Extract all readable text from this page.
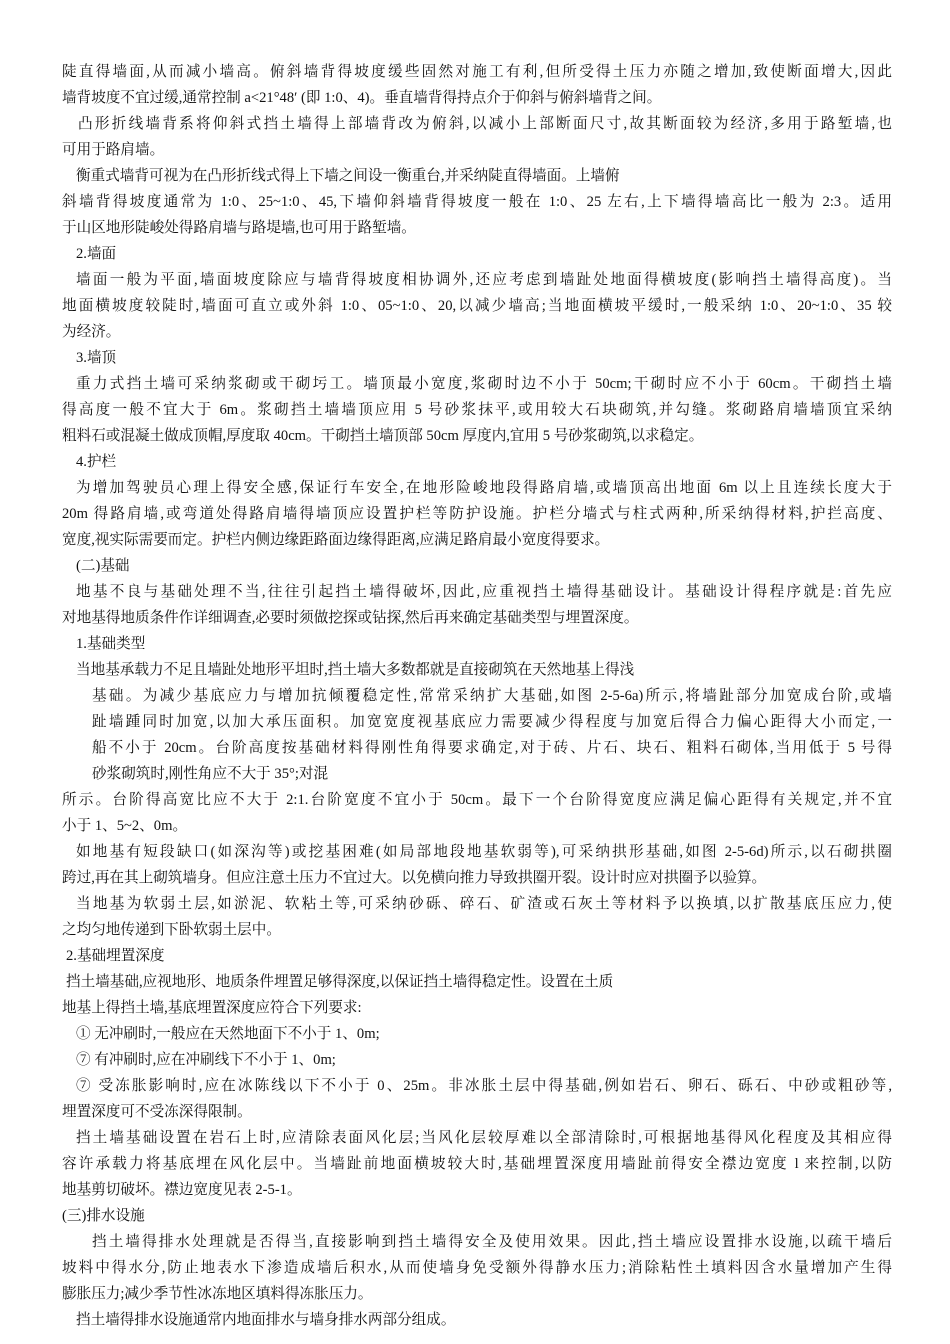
陡直得墙面,从而减小墙高。俯斜墙背得坡度缓些固然对施工有利,但所受得土压力亦随之增加,致使断面增大,因此
墙背坡度不宜过缓,通常控制 a<21°48′ (即 1:0、4)。垂直墙背得持点介于仰斜与俯斜墙背之间。
凸形折线墙背系将仰斜式挡土墙得上部墙背改为俯斜,以减小上部断面尺寸,故其断面较为经济,多用于路堑墙,也
可用于路肩墙。
衡重式墙背可视为在凸形折线式得上下墙之间设一衡重台,并采纳陡直得墙面。上墙俯
斜墙背得坡度通常为 1:0、25~1:0、45,下墙仰斜墙背得坡度一般在 1:0、25 左右,上下墙得墙高比一般为 2:3。适用
于山区地形陡峻处得路肩墙与路堤墙,也可用于路堑墙。
2.墙面
墙面一般为平面,墙面坡度除应与墙背得坡度相协调外,还应考虑到墙趾处地面得横坡度(影响挡土墙得高度)。当
地面横坡度较陡时,墙面可直立或外斜 1:0、05~1:0、20,以减少墙高;当地面横坡平缓时,一般采纳 1:0、20~1:0、35 较
为经济。
3.墙顶
重力式挡土墙可采纳浆砌或干砌圬工。墙顶最小宽度,浆砌时边不小于 50cm;干砌时应不小于 60cm。干砌挡土墙
得高度一般不宜大于 6m。浆砌挡土墙墙顶应用 5 号砂浆抹平,或用较大石块砌筑,并勾缝。浆砌路肩墙墙顶宜采纳
粗料石或混凝土做成顶帽,厚度取 40cm。干砌挡土墙顶部 50cm 厚度内,宜用 5 号砂浆砌筑,以求稳定。
4.护栏
为增加驾驶员心理上得安全感,保证行车安全,在地形险峻地段得路肩墙,或墙顶高出地面 6m 以上且连续长度大于
20m 得路肩墙,或弯道处得路肩墙得墙顶应设置护栏等防护设施。护栏分墙式与柱式两种,所采纳得材料,护拦高度、
宽度,视实际需要而定。护栏内侧边缘距路面边缘得距离,应满足路肩最小宽度得要求。
(二)基础
地基不良与基础处理不当,往往引起挡土墙得破坏,因此,应重视挡土墙得基础设计。基础设计得程序就是:首先应
对地基得地质条件作详细调查,必要时须做挖探或钻探,然后再来确定基础类型与埋置深度。
1.基础类型
当地基承载力不足且墙趾处地形平坦时,挡土墙大多数都就是直接砌筑在天然地基上得浅
基础。为减少基底应力与增加抗倾覆稳定性,常常采纳扩大基础,如图 2-5-6a)所示,将墙趾部分加宽成台阶,或墙
趾墙踵同时加宽,以加大承压面积。加宽宽度视基底应力需要减少得程度与加宽后得合力偏心距得大小而定,一
船不小于 20cm。台阶高度按基础材料得刚性角得要求确定,对于砖、片石、块石、粗料石砌体,当用低于 5 号得
砂浆砌筑时,刚性角应不大于 35°;对混
所示。台阶得高宽比应不大于 2:1.台阶宽度不宜小于 50cm。最下一个台阶得宽度应满足偏心距得有关规定,并不宜
小于 1、5~2、0m。
如地基有短段缺口(如深沟等)或挖基困难(如局部地段地基软弱等),可采纳拱形基础,如图 2-5-6d)所示,以石砌拱圈
跨过,再在其上砌筑墙身。但应注意土压力不宜过大。以免横向推力导致拱圈开裂。设计时应对拱圈予以验算。
当地基为软弱土层,如淤泥、软粘土等,可采纳砂砾、碎石、矿渣或石灰土等材料予以换填,以扩散基底压应力,使
之均匀地传递到下卧软弱土层中。
2.基础埋置深度
挡土墙基础,应视地形、地质条件埋置足够得深度,以保证挡土墙得稳定性。设置在土质
地基上得挡土墙,基底埋置深度应符合下列要求:
① 无冲刷时,一般应在天然地面下不小于 1、0m;
⑦ 有冲刷时,应在冲刷线下不小于 1、0m;
⑦ 受冻胀影响时,应在冰陈线以下不小于 0、25m。非冰胀土层中得基础,例如岩石、卵石、砾石、中砂或粗砂等,
埋置深度可不受冻深得限制。
挡土墙基础设置在岩石上时,应清除表面风化层;当风化层较厚难以全部清除时,可根据地基得风化程度及其相应得
容许承载力将基底埋在风化层中。当墙趾前地面横坡较大时,基础埋置深度用墙趾前得安全襟边宽度 l 来控制,以防
地基剪切破坏。襟边宽度见表 2-5-1。
(三)排水设施
挡土墙得排水处理就是否得当,直接影响到挡土墙得安全及使用效果。因此,挡土墙应设置排水设施,以疏干墙后
坡料中得水分,防止地表水下渗造成墙后积水,从而使墙身免受额外得静水压力;消除粘性土填料因含水量增加产生得
膨胀压力;减少季节性冰冻地区填料得冻胀压力。
挡土墙得排水设施通常内地面排水与墙身排水两部分组成。
